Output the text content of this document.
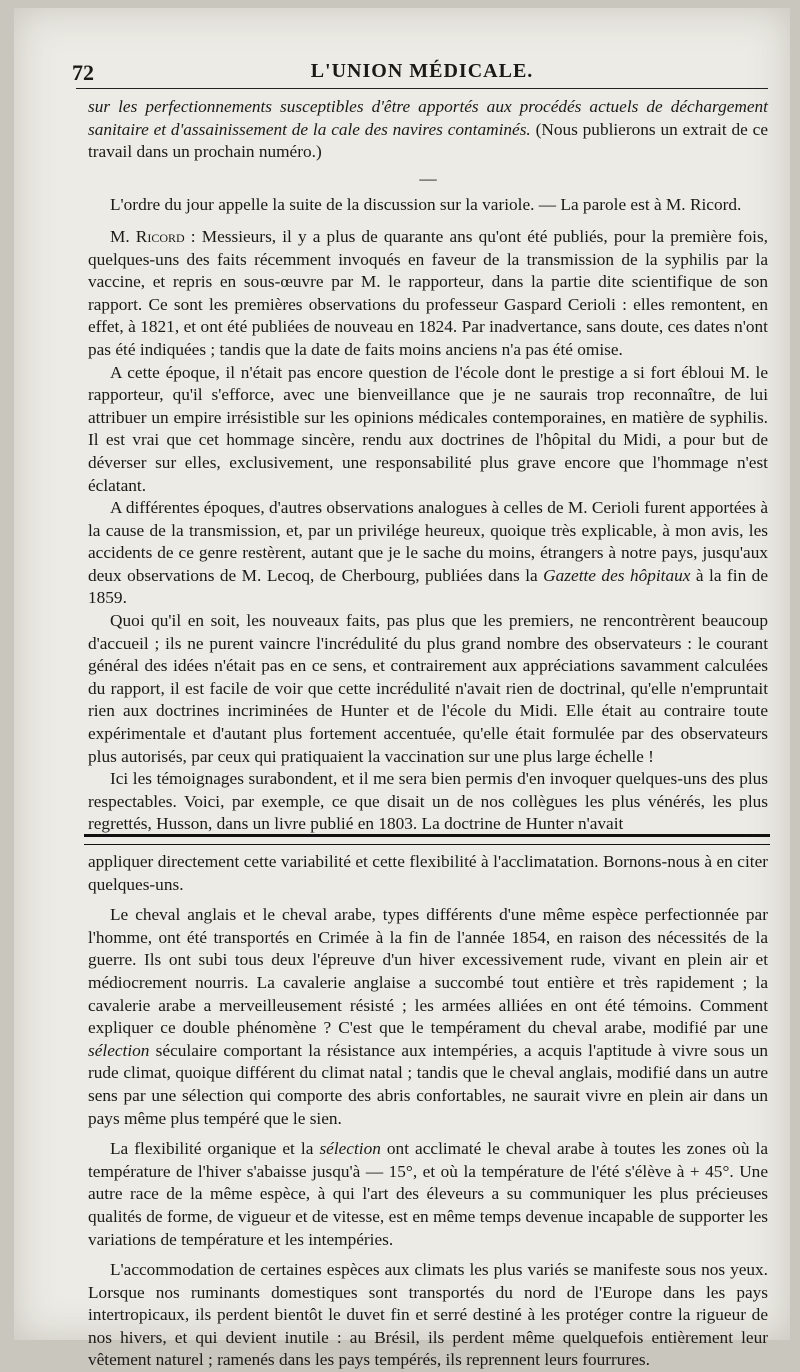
72	L'UNION MÉDICALE.

sur les perfectionnements susceptibles d'être apportés aux procédés actuels de déchargement sanitaire et d'assainissement de la cale des navires contaminés. (Nous publierons un extrait de ce travail dans un prochain numéro.)

—

L'ordre du jour appelle la suite de la discussion sur la variole. — La parole est à M. Ricord.

M. Ricord : Messieurs, il y a plus de quarante ans qu'ont été publiés, pour la première fois, quelques-uns des faits récemment invoqués en faveur de la transmission de la syphilis par la vaccine, et repris en sous-œuvre par M. le rapporteur, dans la partie dite scientifique de son rapport. Ce sont les premières observations du professeur Gaspard Cerioli : elles remontent, en effet, à 1821, et ont été publiées de nouveau en 1824. Par inadvertance, sans doute, ces dates n'ont pas été indiquées ; tandis que la date de faits moins anciens n'a pas été omise.

A cette époque, il n'était pas encore question de l'école dont le prestige a si fort ébloui M. le rapporteur, qu'il s'efforce, avec une bienveillance que je ne saurais trop reconnaître, de lui attribuer un empire irrésistible sur les opinions médicales contemporaines, en matière de syphilis. Il est vrai que cet hommage sincère, rendu aux doctrines de l'hôpital du Midi, a pour but de déverser sur elles, exclusivement, une responsabilité plus grave encore que l'hommage n'est éclatant.

A différentes époques, d'autres observations analogues à celles de M. Cerioli furent apportées à la cause de la transmission, et, par un privilége heureux, quoique très explicable, à mon avis, les accidents de ce genre restèrent, autant que je le sache du moins, étrangers à notre pays, jusqu'aux deux observations de M. Lecoq, de Cherbourg, publiées dans la Gazette des hôpitaux à la fin de 1859.

Quoi qu'il en soit, les nouveaux faits, pas plus que les premiers, ne rencontrèrent beaucoup d'accueil ; ils ne purent vaincre l'incrédulité du plus grand nombre des observateurs : le courant général des idées n'était pas en ce sens, et contrairement aux appréciations savamment calculées du rapport, il est facile de voir que cette incrédulité n'avait rien de doctrinal, qu'elle n'empruntait rien aux doctrines incriminées de Hunter et de l'école du Midi. Elle était au contraire toute expérimentale et d'autant plus fortement accentuée, qu'elle était formulée par des observateurs plus autorisés, par ceux qui pratiquaient la vaccination sur une plus large échelle !

Ici les témoignages surabondent, et il me sera bien permis d'en invoquer quelques-uns des plus respectables. Voici, par exemple, ce que disait un de nos collègues les plus vénérés, les plus regrettés, Husson, dans un livre publié en 1803. La doctrine de Hunter n'avait

appliquer directement cette variabilité et cette flexibilité à l'acclimatation. Bornons-nous à en citer quelques-uns.

Le cheval anglais et le cheval arabe, types différents d'une même espèce perfectionnée par l'homme, ont été transportés en Crimée à la fin de l'année 1854, en raison des nécessités de la guerre. Ils ont subi tous deux l'épreuve d'un hiver excessivement rude, vivant en plein air et médiocrement nourris. La cavalerie anglaise a succombé tout entière et très rapidement ; la cavalerie arabe a merveilleusement résisté ; les armées alliées en ont été témoins. Comment expliquer ce double phénomène ? C'est que le tempérament du cheval arabe, modifié par une sélection séculaire comportant la résistance aux intempéries, a acquis l'aptitude à vivre sous un rude climat, quoique différent du climat natal ; tandis que le cheval anglais, modifié dans un autre sens par une sélection qui comporte des abris confortables, ne saurait vivre en plein air dans un pays même plus tempéré que le sien.

La flexibilité organique et la sélection ont acclimaté le cheval arabe à toutes les zones où la température de l'hiver s'abaisse jusqu'à — 15°, et où la température de l'été s'élève à + 45°. Une autre race de la même espèce, à qui l'art des éleveurs a su communiquer les plus précieuses qualités de forme, de vigueur et de vitesse, est en même temps devenue incapable de supporter les variations de température et les intempéries.

L'accommodation de certaines espèces aux climats les plus variés se manifeste sous nos yeux. Lorsque nos ruminants domestiques sont transportés du nord de l'Europe dans les pays intertropicaux, ils perdent bientôt le duvet fin et serré destiné à les protéger contre la rigueur de nos hivers, et qui devient inutile : au Brésil, ils perdent même quelquefois entièrement leur vêtement naturel ; ramenés dans les pays tempérés, ils reprennent leurs fourrures.
